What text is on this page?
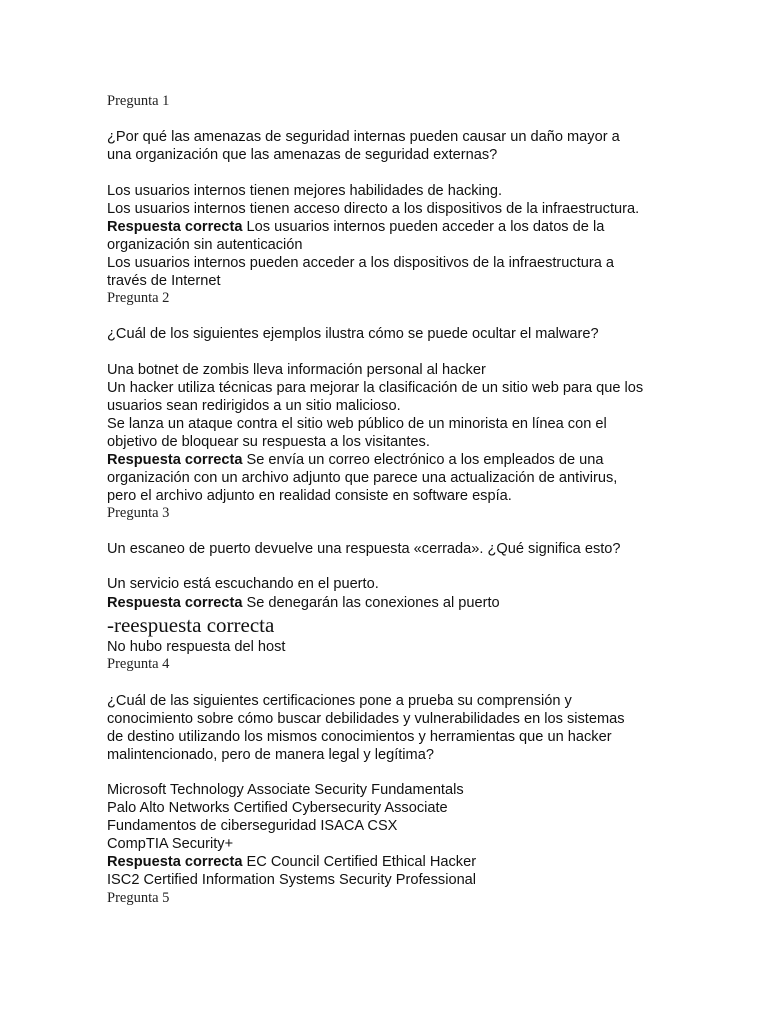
Pregunta 1
¿Por qué las amenazas de seguridad internas pueden causar un daño mayor a
una organización que las amenazas de seguridad externas?
Los usuarios internos tienen mejores habilidades de hacking.
Los usuarios internos tienen acceso directo a los dispositivos de la infraestructura.
Respuesta correcta Los usuarios internos pueden acceder a los datos de la
organización sin autenticación
Los usuarios internos pueden acceder a los dispositivos de la infraestructura a
través de Internet
Pregunta 2
¿Cuál de los siguientes ejemplos ilustra cómo se puede ocultar el malware?
Una botnet de zombis lleva información personal al hacker
Un hacker utiliza técnicas para mejorar la clasificación de un sitio web para que los
usuarios sean redirigidos a un sitio malicioso.
Se lanza un ataque contra el sitio web público de un minorista en línea con el
objetivo de bloquear su respuesta a los visitantes.
Respuesta correcta Se envía un correo electrónico a los empleados de una
organización con un archivo adjunto que parece una actualización de antivirus,
pero el archivo adjunto en realidad consiste en software espía.
Pregunta 3
Un escaneo de puerto devuelve una respuesta «cerrada». ¿Qué significa esto?
Un servicio está escuchando en el puerto.
Respuesta correcta Se denegarán las conexiones al puerto
-reespuesta correcta
No hubo respuesta del host
Pregunta 4
¿Cuál de las siguientes certificaciones pone a prueba su comprensión y
conocimiento sobre cómo buscar debilidades y vulnerabilidades en los sistemas
de destino utilizando los mismos conocimientos y herramientas que un hacker
malintencionado, pero de manera legal y legítima?
Microsoft Technology Associate Security Fundamentals
Palo Alto Networks Certified Cybersecurity Associate
Fundamentos de ciberseguridad ISACA CSX
CompTIA Security+
Respuesta correcta EC Council Certified Ethical Hacker
ISC2 Certified Information Systems Security Professional
Pregunta 5
